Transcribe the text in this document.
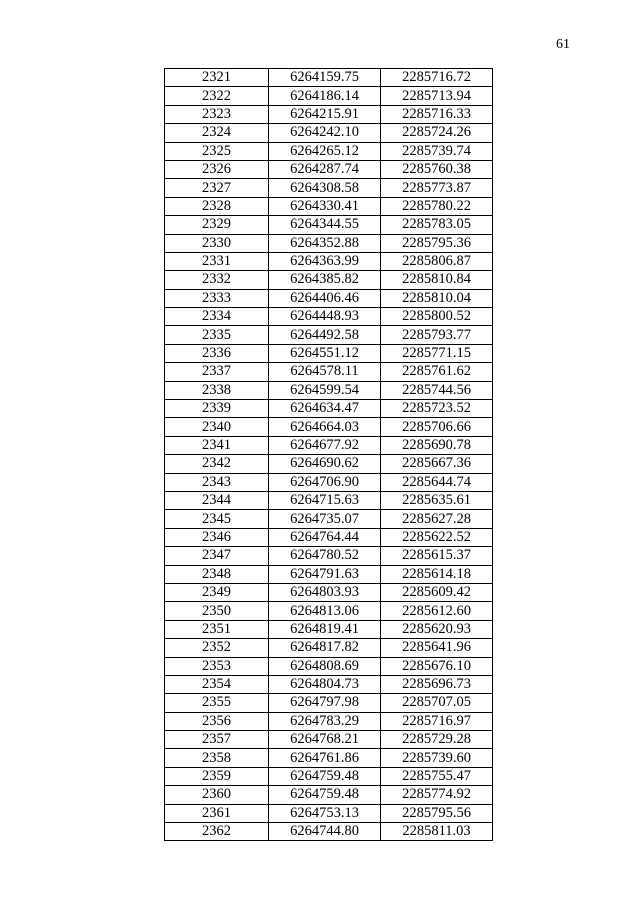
61
2321	6264159.75	2285716.72
2322	6264186.14	2285713.94
2323	6264215.91	2285716.33
2324	6264242.10	2285724.26
2325	6264265.12	2285739.74
2326	6264287.74	2285760.38
2327	6264308.58	2285773.87
2328	6264330.41	2285780.22
2329	6264344.55	2285783.05
2330	6264352.88	2285795.36
2331	6264363.99	2285806.87
2332	6264385.82	2285810.84
2333	6264406.46	2285810.04
2334	6264448.93	2285800.52
2335	6264492.58	2285793.77
2336	6264551.12	2285771.15
2337	6264578.11	2285761.62
2338	6264599.54	2285744.56
2339	6264634.47	2285723.52
2340	6264664.03	2285706.66
2341	6264677.92	2285690.78
2342	6264690.62	2285667.36
2343	6264706.90	2285644.74
2344	6264715.63	2285635.61
2345	6264735.07	2285627.28
2346	6264764.44	2285622.52
2347	6264780.52	2285615.37
2348	6264791.63	2285614.18
2349	6264803.93	2285609.42
2350	6264813.06	2285612.60
2351	6264819.41	2285620.93
2352	6264817.82	2285641.96
2353	6264808.69	2285676.10
2354	6264804.73	2285696.73
2355	6264797.98	2285707.05
2356	6264783.29	2285716.97
2357	6264768.21	2285729.28
2358	6264761.86	2285739.60
2359	6264759.48	2285755.47
2360	6264759.48	2285774.92
2361	6264753.13	2285795.56
2362	6264744.80	2285811.03
